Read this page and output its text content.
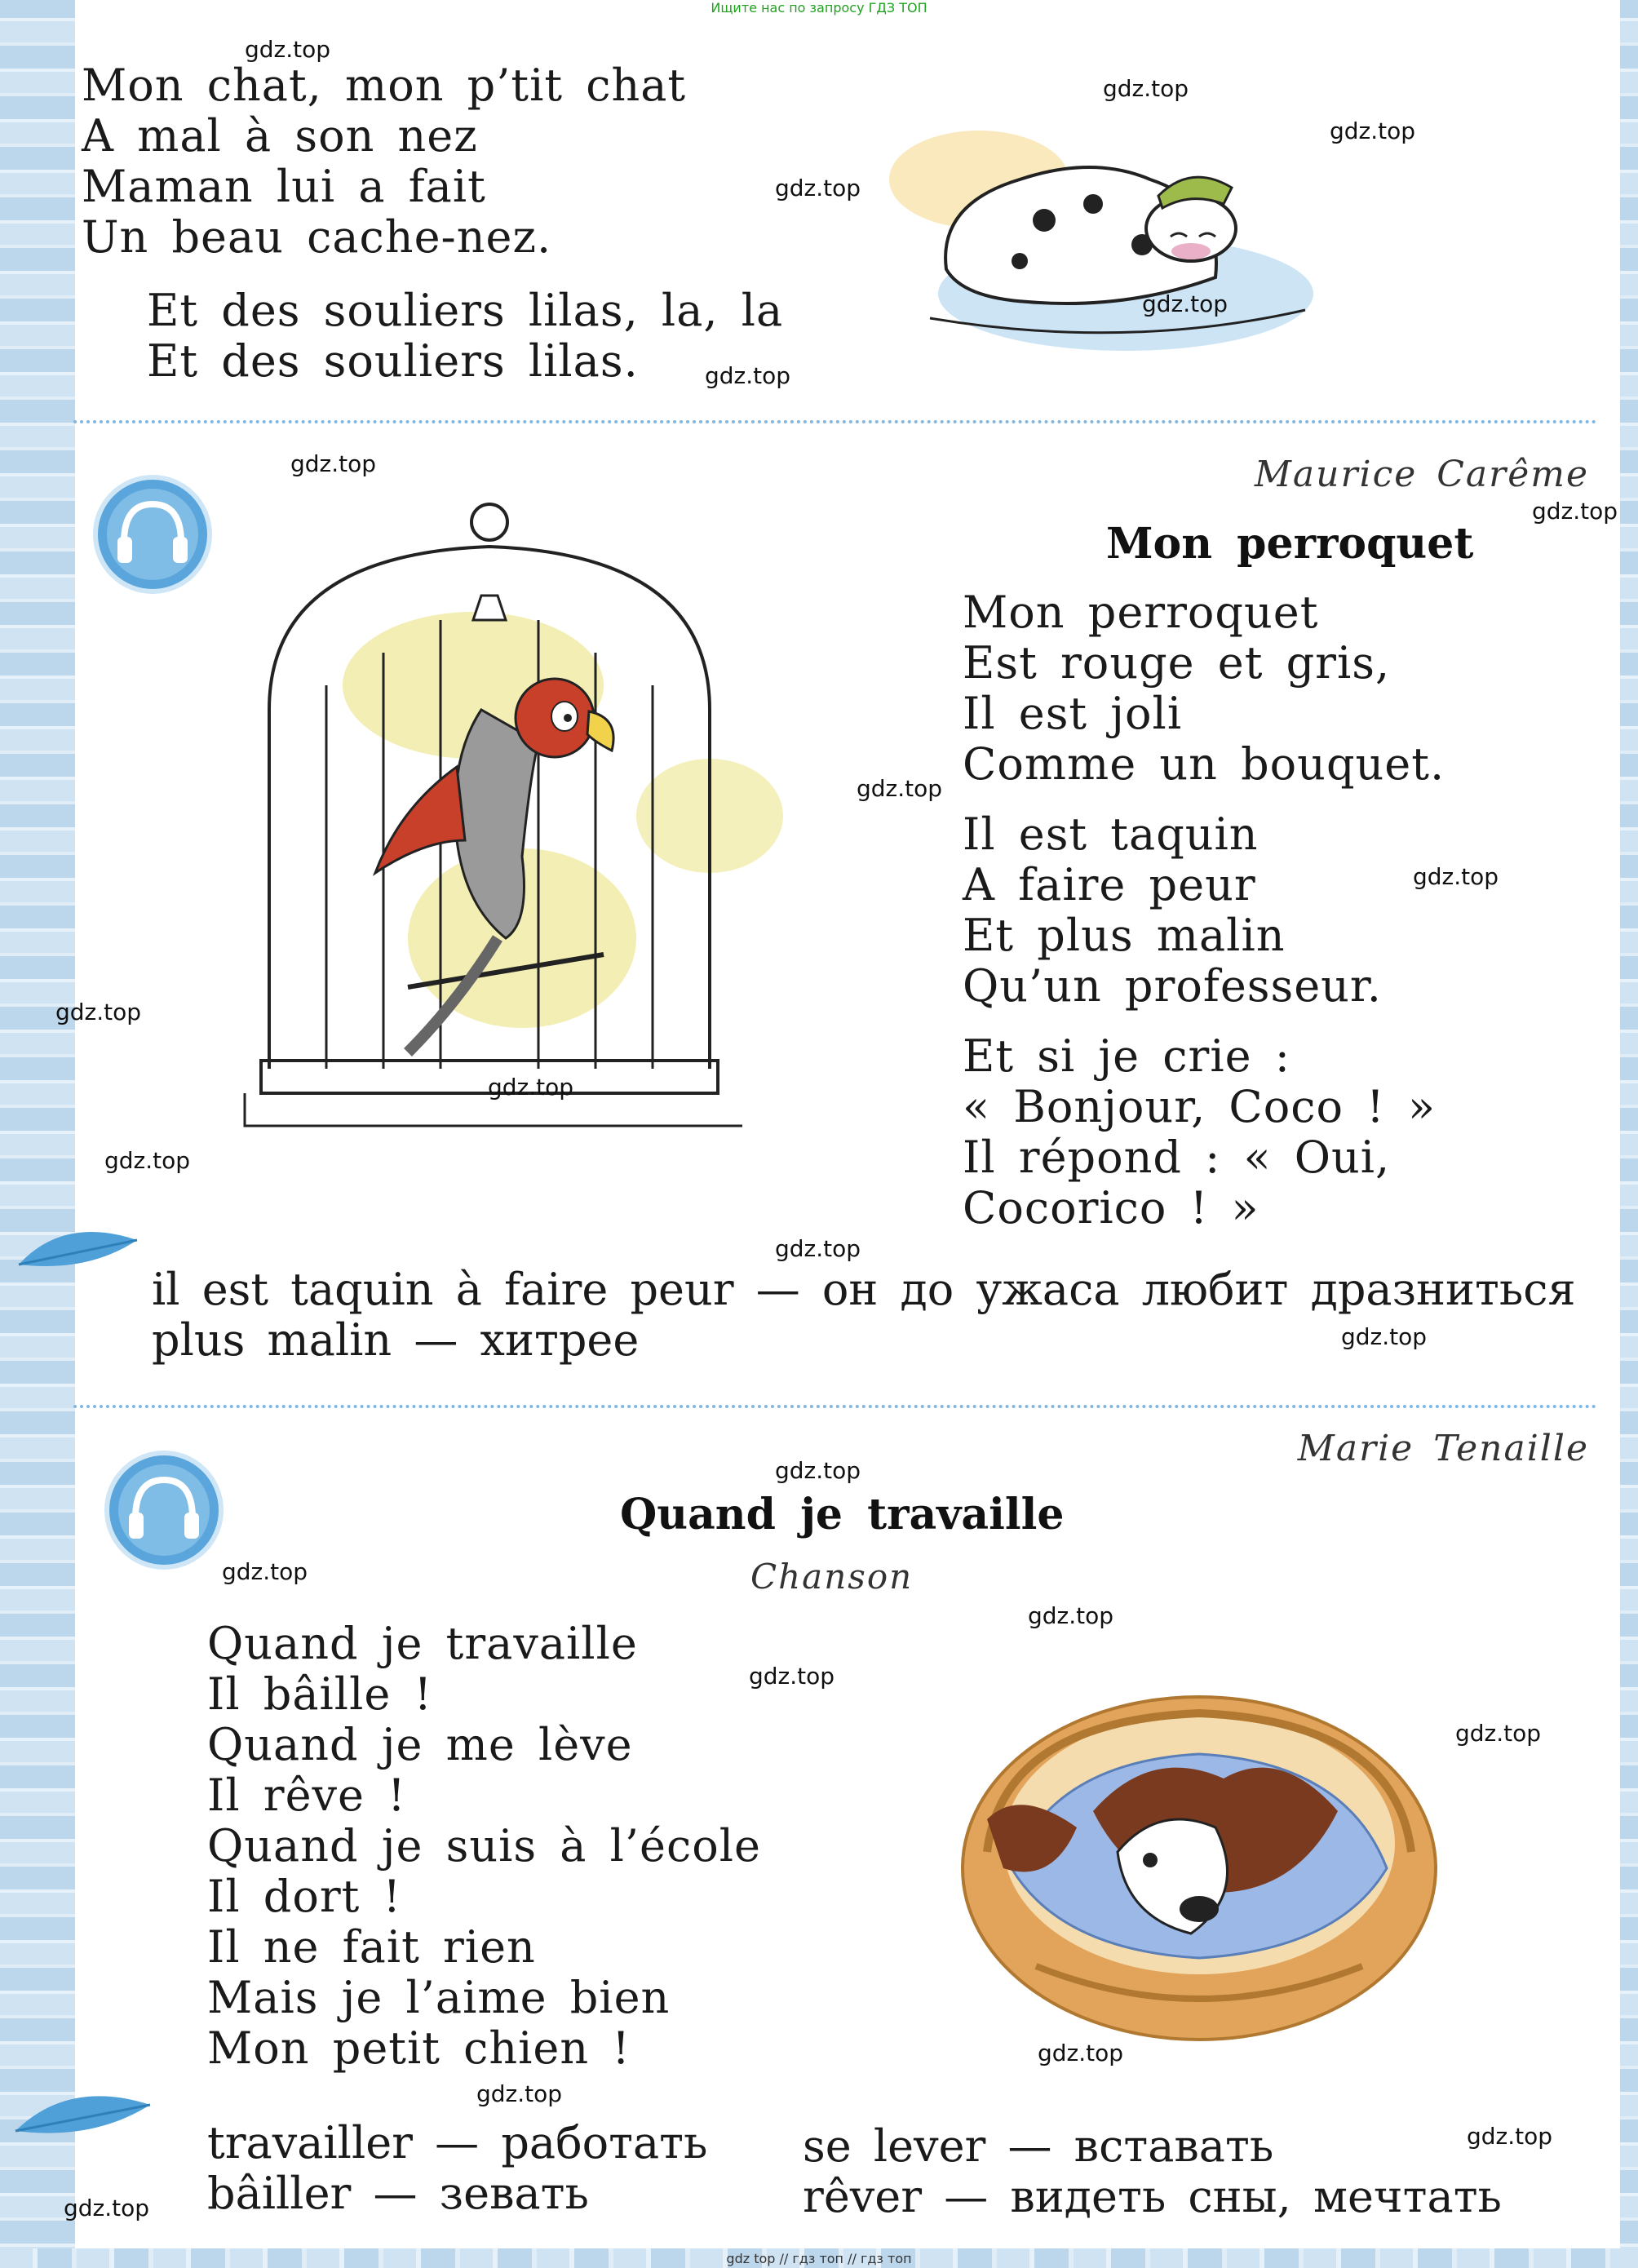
Ищите нас по запросу ГДЗ ТОП
Mon chat, mon p’tit chat
A mal à son nez
Maman lui a fait
Un beau cache-nez.
Et des souliers lilas, la, la
Et des souliers lilas.
Maurice Carême
Mon perroquet
Mon perroquet
Est rouge et gris,
Il est joli
Comme un bouquet.
Il est taquin
A faire peur
Et plus malin
Qu’un professeur.
Et si je crie :
« Bonjour, Coco ! »
Il répond : « Oui,
Cocorico ! »
il est taquin à faire peur — он до ужаса любит дразниться
plus malin — хитрее
Marie Tenaille
Quand je travaille
Chanson
Quand je travaille
Il bâille !
Quand je me lève
Il rêve !
Quand je suis à l’école
Il dort !
Il ne fait rien
Mais je l’aime bien
Mon petit chien !
travailler — работать
bâiller — зевать
se lever — вставать
rêver — видеть сны, мечтать
gdz.top
gdz.top
gdz.top
gdz.top
gdz.top
gdz.top
gdz.top
gdz.top
gdz.top
gdz.top
gdz.top
gdz.top
gdz.top
gdz.top
gdz.top
gdz.top
gdz.top
gdz.top
gdz.top
gdz.top
gdz.top
gdz.top
gdz.top
gdz.top
gdz top // гдз топ // гдз топ
